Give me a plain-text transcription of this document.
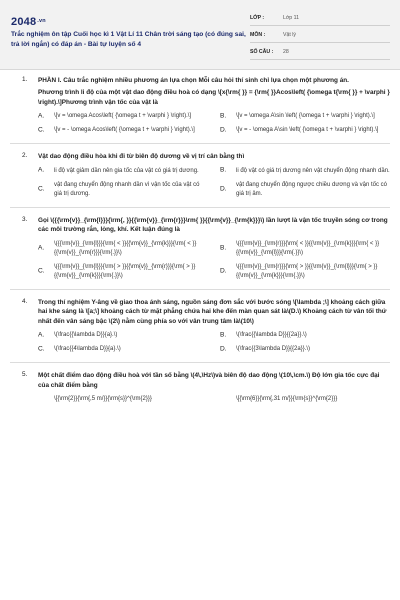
2048.vn
Trắc nghiệm ôn tập Cuối học kì 1 Vật Lí 11 Chân trời sáng tạo (có đúng sai, trả lời ngắn) có đáp án - Bài tự luyện số 4
LỚP :	Lớp 11
MÔN :	Vật lý
SỐ CÂU :	28
1. PHẦN I. Câu trắc nghiệm nhiều phương án lựa chọn Mỗi câu hỏi thí sinh chỉ lựa chọn một phương án.

Phương trình li độ của một vật dao động điều hoà có dạng \[x{\rm{ }} = {\rm{ }}Acos\left( {\omega t{\rm{ }} + \varphi } \right).\]Phương trình vận tốc của vật là

A. \[v = \omega Acos\left( {\omega t + \varphi } \right).\]	B. \[v = \omega A\sin \left( {\omega t + \varphi } \right).\]
C. \[v = - \omega Acos\left( {\omega t + \varphi } \right).\]	D. \[v = - \omega A\sin \left( {\omega t + \varphi } \right).\]
2. Vật dao động điều hòa khi đi từ biên độ dương về vị trí cân bằng thì

A. li độ vật giảm dần nên gia tốc của vật có giá trị dương.	B. li độ vật có giá trị dương nên vật chuyển động nhanh dần.
C.
vật đang chuyển động nhanh dần vì vận tốc của vật có giá trị dương.
D.
vật đang chuyển động ngược chiều dương và vận tốc có giá trị âm.
3. Gọi \({{\rm{v}}_{\rm{l}}}{\rm{, }}{{\rm{v}}_{\rm{r}}}\rm{ }}{{\rm{v}}_{\rm{k}}}\) lần lượt là vận tốc truyền sóng cơ trong các môi trường rắn, lỏng, khí. Kết luận đúng là

A.
\({{\rm{v}}_{\rm{l}}}{\rm{ < }}{{\rm{v}}_{\rm{k}}}{\rm{ < }}{{\rm{v}}_{\rm{r}}}{\rm{.}}\)
B.
\({{\rm{v}}_{\rm{r}}}{\rm{ < }}{{\rm{v}}_{\rm{k}}}{\rm{ < }}{{\rm{v}}_{\rm{l}}}{\rm{.}}\)
C.
\({{\rm{v}}_{\rm{l}}}{\rm{ > }}{{\rm{v}}_{\rm{r}}}{\rm{ > }}{{\rm{v}}_{\rm{k}}}{\rm{.}}\)
D.
\({{\rm{v}}_{\rm{r}}}{\rm{ > }}{{\rm{v}}_{\rm{l}}}{\rm{ > }}{{\rm{v}}_{\rm{k}}}{\rm{.}}\)
4. Trong thí nghiệm Y-âng về giao thoa ánh sáng, nguồn sáng đơn sắc với bước sóng \[\lambda ;\] khoảng cách giữa hai khe sáng là \[a;\] khoảng cách từ mặt phẳng chứa hai khe đến màn quan sát là\(D.\) Khoảng cách từ vân tối thứ nhất đến vân sáng bậc \(2\) nằm cùng phía so với vân trung tâm là\(10\)

A. \(\frac{{\lambda D}}{a}.\)	B. \(\frac{{\lambda D}}{{2a}}.\)
C. \(\frac{{4\lambda D}}{a}.\)	D. \(\frac{{3\lambda D}}{{2a}}.\)
5. Một chất điểm dao động điều hoà với tần số bằng \(4\,\Hz\)và biên độ dao động \(10\,\cm.\) Độ lớn gia tốc cực đại của chất điểm bằng

\[{\rm{2}}{\rm{,5 m/}}{\rm{s}}^{\rm{2}}}	\[{\rm{6}}{\rm{,31 m/}}{\rm{s}}^{\rm{2}}}
